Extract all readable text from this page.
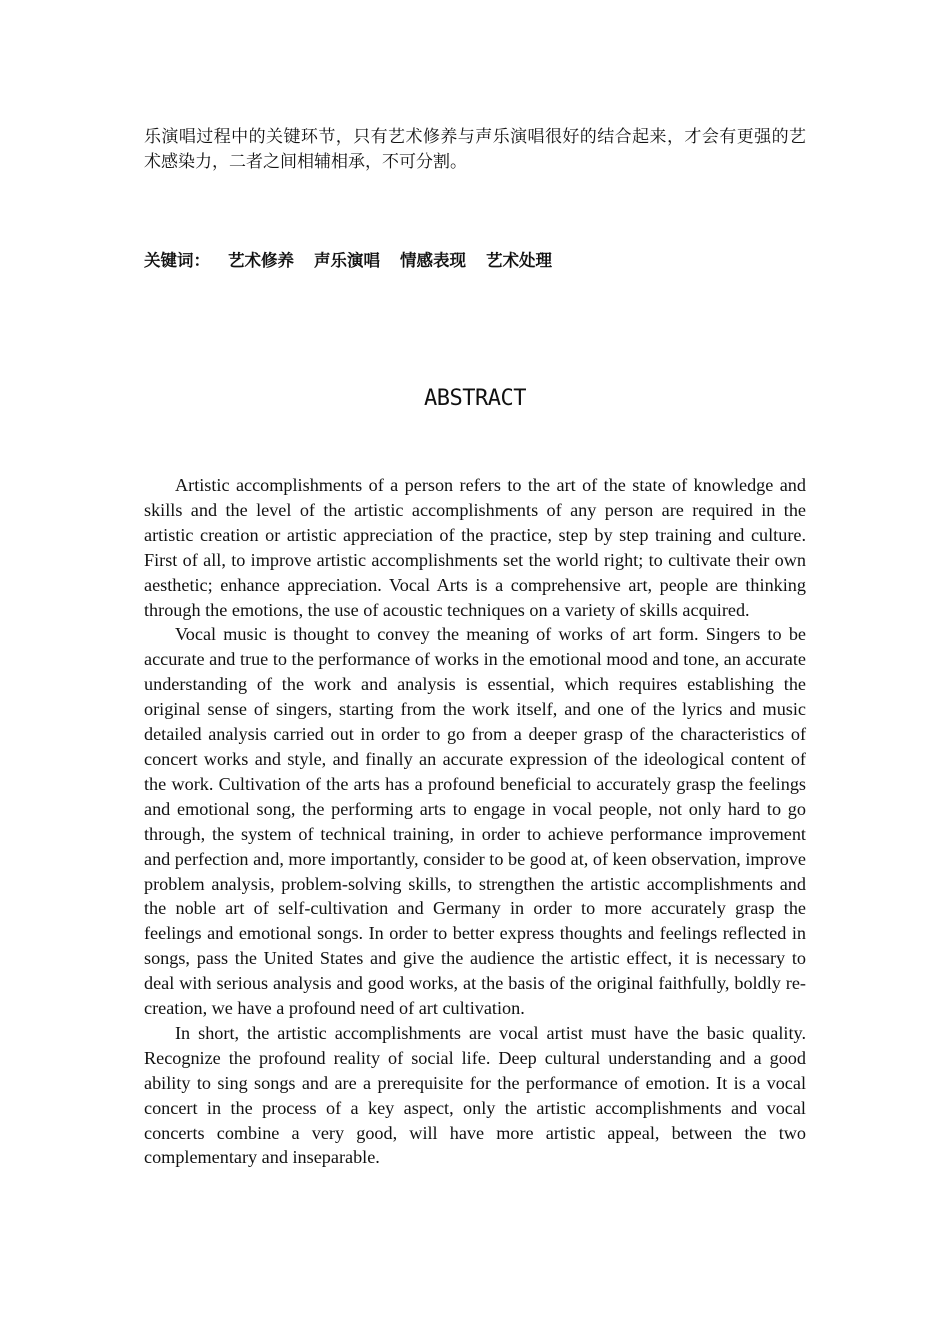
乐演唱过程中的关键环节，只有艺术修养与声乐演唱很好的结合起来，才会有更强的艺术感染力，二者之间相辅相承，不可分割。

关键词： 艺术修养 声乐演唱 情感表现 艺术处理
ABSTRACT

Artistic accomplishments of a person refers to the art of the state of knowledge and skills and the level of the artistic accomplishments of any person are required in the artistic creation or artistic appreciation of the practice, step by step training and culture. First of all, to improve artistic accomplishments set the world right; to cultivate their own aesthetic; enhance appreciation. Vocal Arts is a comprehensive art, people are thinking through the emotions, the use of acoustic techniques on a variety of skills acquired.

Vocal music is thought to convey the meaning of works of art form. Singers to be accurate and true to the performance of works in the emotional mood and tone, an accurate understanding of the work and analysis is essential, which requires establishing the original sense of singers, starting from the work itself, and one of the lyrics and music detailed analysis carried out in order to go from a deeper grasp of the characteristics of concert works and style, and finally an accurate expression of the ideological content of the work. Cultivation of the arts has a profound beneficial to accurately grasp the feelings and emotional song, the performing arts to engage in vocal people, not only hard to go through, the system of technical training, in order to achieve performance improvement and perfection and, more importantly, consider to be good at, of keen observation, improve problem analysis, problem-solving skills, to strengthen the artistic accomplishments and the noble art of self-cultivation and Germany in order to more accurately grasp the feelings and emotional songs. In order to better express thoughts and feelings reflected in songs, pass the United States and give the audience the artistic effect, it is necessary to deal with serious analysis and good works, at the basis of the original faithfully, boldly re-creation, we have a profound need of art cultivation.

In short, the artistic accomplishments are vocal artist must have the basic quality. Recognize the profound reality of social life. Deep cultural understanding and a good ability to sing songs and are a prerequisite for the performance of emotion. It is a vocal concert in the process of a key aspect, only the artistic accomplishments and vocal concerts combine a very good, will have more artistic appeal, between the two complementary and inseparable.
